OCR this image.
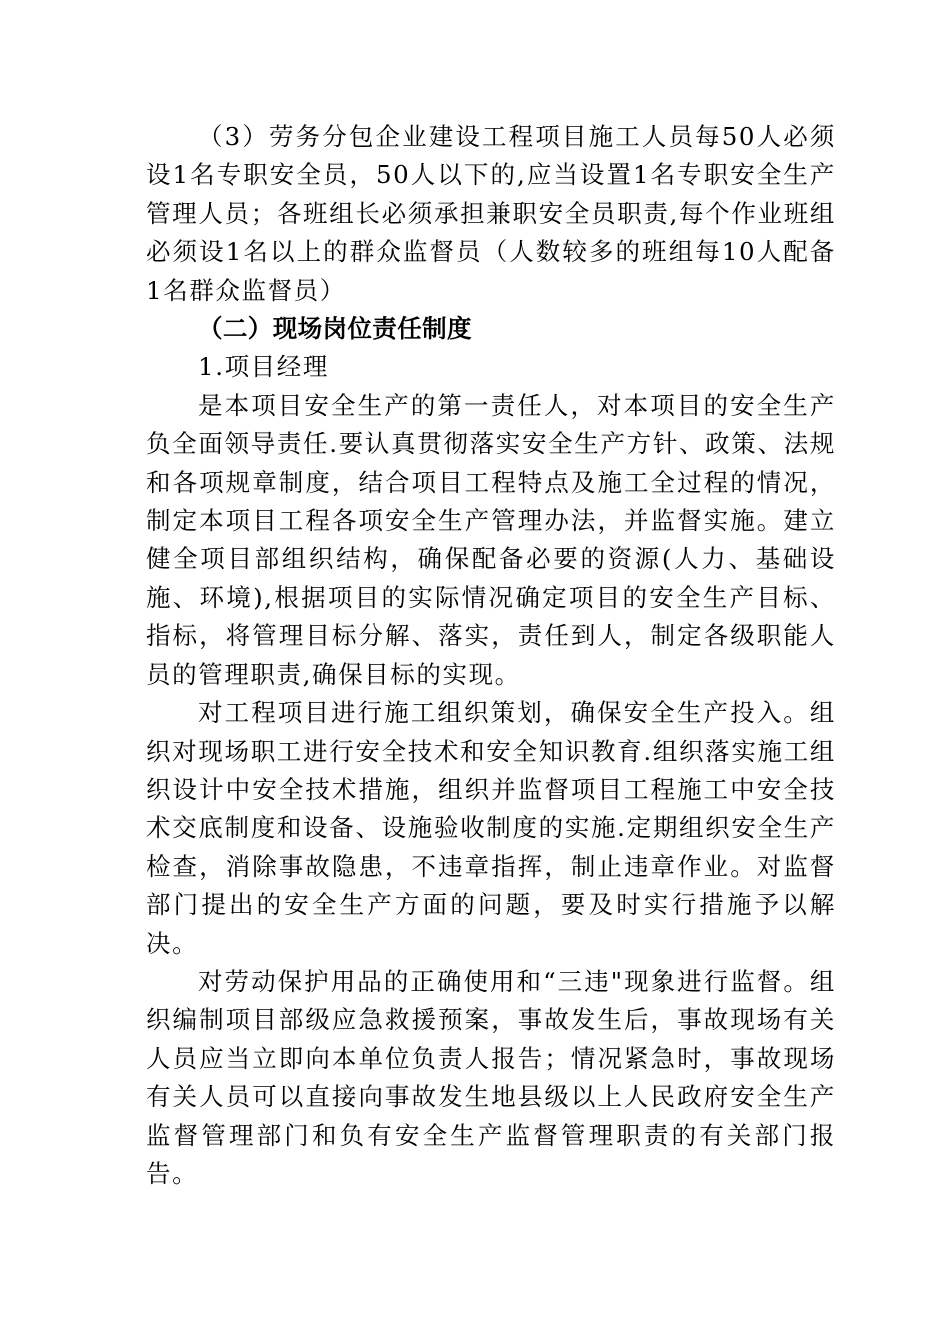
（3）劳务分包企业建设工程项目施工人员每50人必须设1名专职安全员，50人以下的,应当设置1名专职安全生产管理人员；各班组长必须承担兼职安全员职责,每个作业班组必须设1名以上的群众监督员（人数较多的班组每10人配备1名群众监督员）

（二）现场岗位责任制度

1.项目经理

是本项目安全生产的第一责任人，对本项目的安全生产负全面领导责任.要认真贯彻落实安全生产方针、政策、法规和各项规章制度，结合项目工程特点及施工全过程的情况，制定本项目工程各项安全生产管理办法，并监督实施。建立健全项目部组织结构，确保配备必要的资源(人力、基础设施、环境),根据项目的实际情况确定项目的安全生产目标、指标，将管理目标分解、落实，责任到人，制定各级职能人员的管理职责,确保目标的实现。

对工程项目进行施工组织策划，确保安全生产投入。组织对现场职工进行安全技术和安全知识教育.组织落实施工组织设计中安全技术措施，组织并监督项目工程施工中安全技术交底制度和设备、设施验收制度的实施.定期组织安全生产检查，消除事故隐患，不违章指挥，制止违章作业。对监督部门提出的安全生产方面的问题，要及时实行措施予以解决。

对劳动保护用品的正确使用和“三违"现象进行监督。组织编制项目部级应急救援预案，事故发生后，事故现场有关人员应当立即向本单位负责人报告；情况紧急时，事故现场有关人员可以直接向事故发生地县级以上人民政府安全生产监督管理部门和负有安全生产监督管理职责的有关部门报告。
